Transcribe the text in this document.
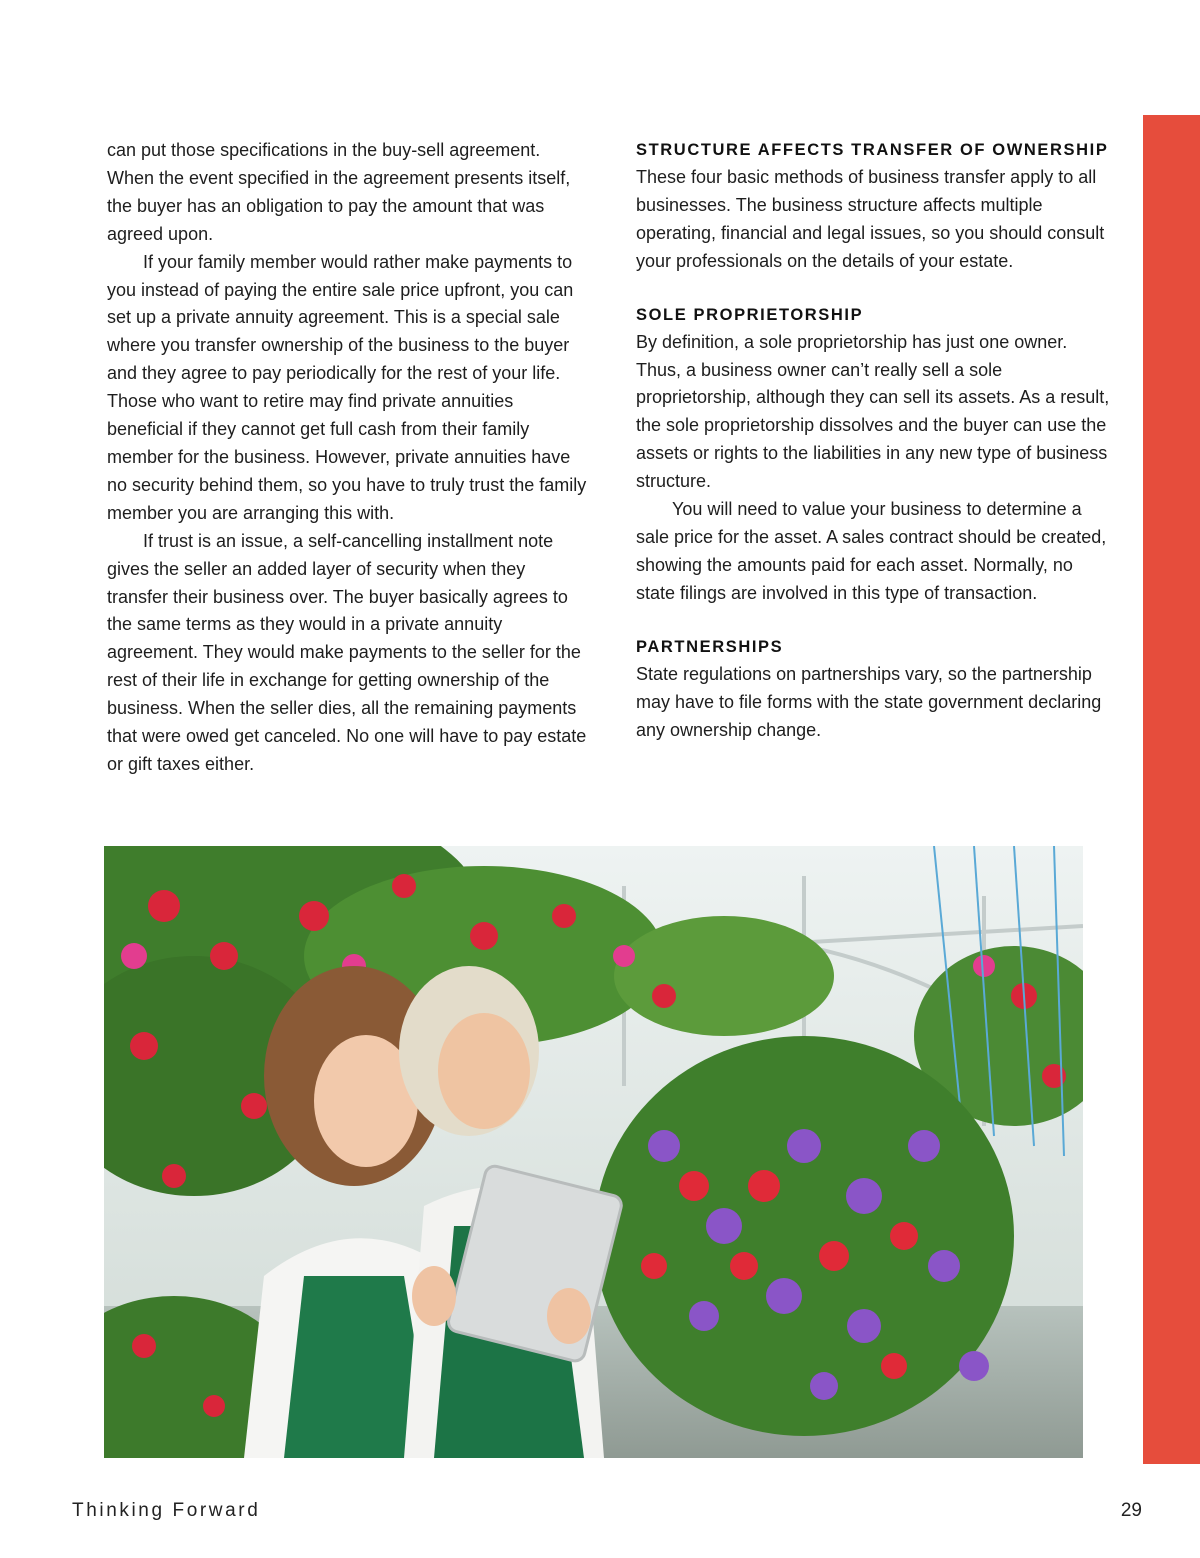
can put those specifications in the buy-sell agreement. When the event specified in the agreement presents itself, the buyer has an obligation to pay the amount that was agreed upon.

If your family member would rather make payments to you instead of paying the entire sale price upfront, you can set up a private annuity agreement. This is a special sale where you transfer ownership of the business to the buyer and they agree to pay periodically for the rest of your life. Those who want to retire may find private annuities beneficial if they cannot get full cash from their family member for the business. However, private annuities have no security behind them, so you have to truly trust the family member you are arranging this with.

If trust is an issue, a self-cancelling installment note gives the seller an added layer of security when they transfer their business over. The buyer basically agrees to the same terms as they would in a private annuity agreement. They would make payments to the seller for the rest of their life in exchange for getting ownership of the business. When the seller dies, all the remaining payments that were owed get canceled. No one will have to pay estate or gift taxes either.

STRUCTURE AFFECTS TRANSFER OF OWNERSHIP

These four basic methods of business transfer apply to all businesses. The business structure affects multiple operating, financial and legal issues, so you should consult your professionals on the details of your estate.

SOLE PROPRIETORSHIP

By definition, a sole proprietorship has just one owner. Thus, a business owner can’t really sell a sole proprietorship, although they can sell its assets. As a result, the sole proprietorship dissolves and the buyer can use the assets or rights to the liabilities in any new type of business structure.

You will need to value your business to determine a sale price for the asset. A sales contract should be created, showing the amounts paid for each asset. Normally, no state filings are involved in this type of transaction.

PARTNERSHIPS

State regulations on partnerships vary, so the partnership may have to file forms with the state government declaring any ownership change.

Thinking Forward	29
